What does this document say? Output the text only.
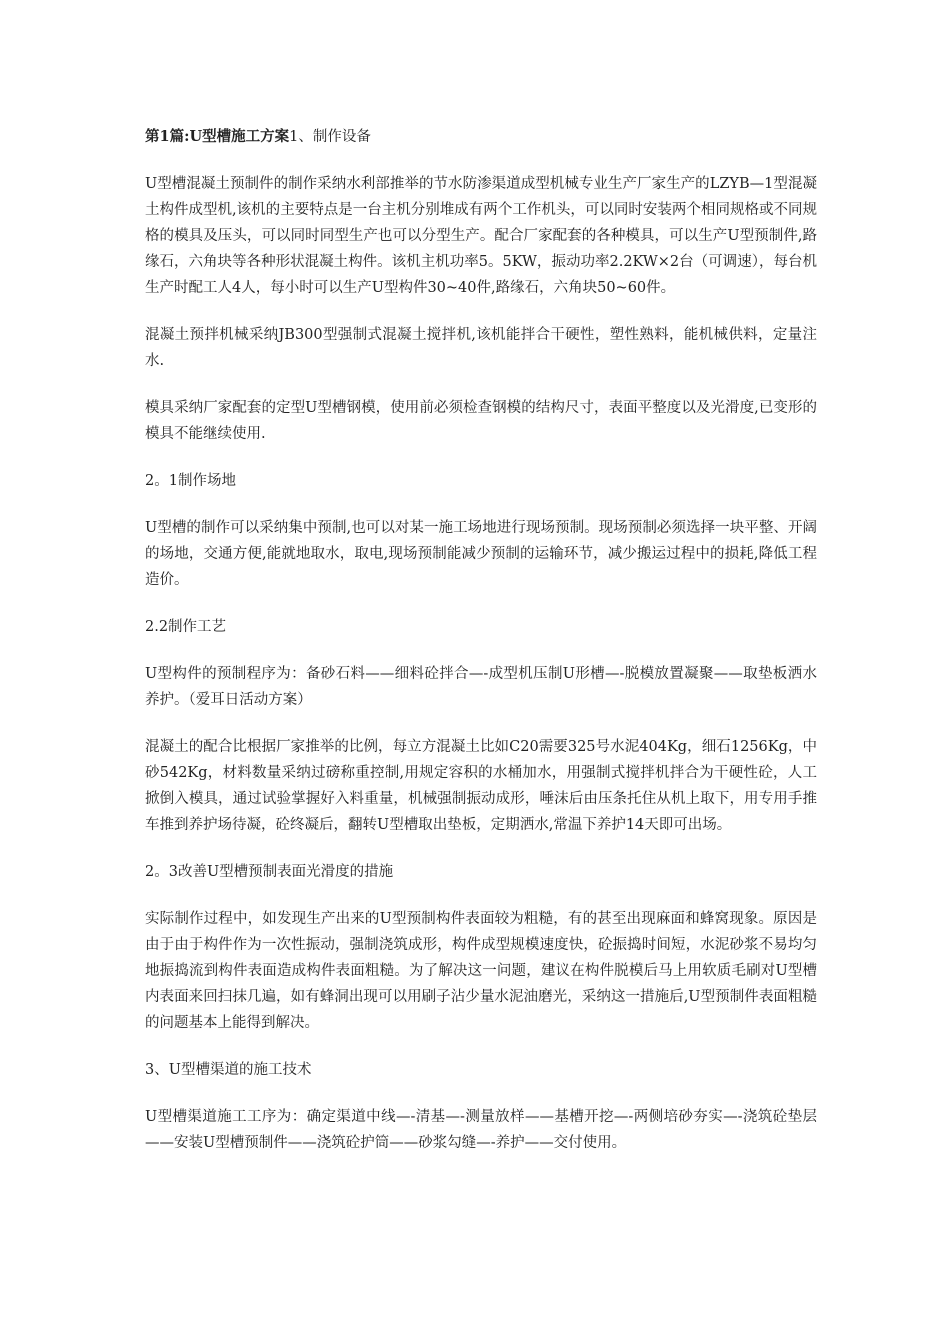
第1篇:U型槽施工方案1、制作设备

U型槽混凝土预制件的制作采纳水利部推举的节水防渗渠道成型机械专业生产厂家生产的LZYB—1型混凝土构件成型机,该机的主要特点是一台主机分别堆成有两个工作机头，可以同时安装两个相同规格或不同规格的模具及压头，可以同时同型生产也可以分型生产。配合厂家配套的各种模具，可以生产U型预制件,路缘石，六角块等各种形状混凝土构件。该机主机功率5。5KW，振动功率2.2KW×2台（可调速），每台机生产时配工人4人，每小时可以生产U型构件30~40件,路缘石，六角块50~60件。

混凝土预拌机械采纳JB300型强制式混凝土搅拌机,该机能拌合干硬性，塑性熟料，能机械供料，定量注水.

模具采纳厂家配套的定型U型槽钢模，使用前必须检查钢模的结构尺寸，表面平整度以及光滑度,已变形的模具不能继续使用.

2。1制作场地

U型槽的制作可以采纳集中预制,也可以对某一施工场地进行现场预制。现场预制必须选择一块平整、开阔的场地，交通方便,能就地取水，取电,现场预制能减少预制的运输环节，减少搬运过程中的损耗,降低工程造价。

2.2制作工艺

U型构件的预制程序为：备砂石料——细料砼拌合—-成型机压制U形槽—-脱模放置凝聚——取垫板洒水养护。（爱耳日活动方案）

混凝土的配合比根据厂家推举的比例，每立方混凝土比如C20需要325号水泥404Kg，细石1256Kg，中砂542Kg，材料数量采纳过磅称重控制,用规定容积的水桶加水，用强制式搅拌机拌合为干硬性砼，人工掀倒入模具，通过试验掌握好入料重量，机械强制振动成形，唾沫后由压条托住从机上取下，用专用手推车推到养护场待凝，砼终凝后，翻转U型槽取出垫板，定期洒水,常温下养护14天即可出场。

2。3改善U型槽预制表面光滑度的措施

实际制作过程中，如发现生产出来的U型预制构件表面较为粗糙，有的甚至出现麻面和蜂窝现象。原因是由于由于构件作为一次性振动，强制浇筑成形，构件成型规模速度快，砼振捣时间短，水泥砂浆不易均匀地振捣流到构件表面造成构件表面粗糙。为了解决这一问题，建议在构件脱模后马上用软质毛刷对U型槽内表面来回扫抹几遍，如有蜂洞出现可以用刷子沾少量水泥油磨光，采纳这一措施后,U型预制件表面粗糙的问题基本上能得到解决。

3、U型槽渠道的施工技术

U型槽渠道施工工序为：确定渠道中线—-清基—-测量放样——基槽开挖—-两侧培砂夯实—-浇筑砼垫层——安装U型槽预制件——浇筑砼护筒——砂浆勾缝—-养护——交付使用。
